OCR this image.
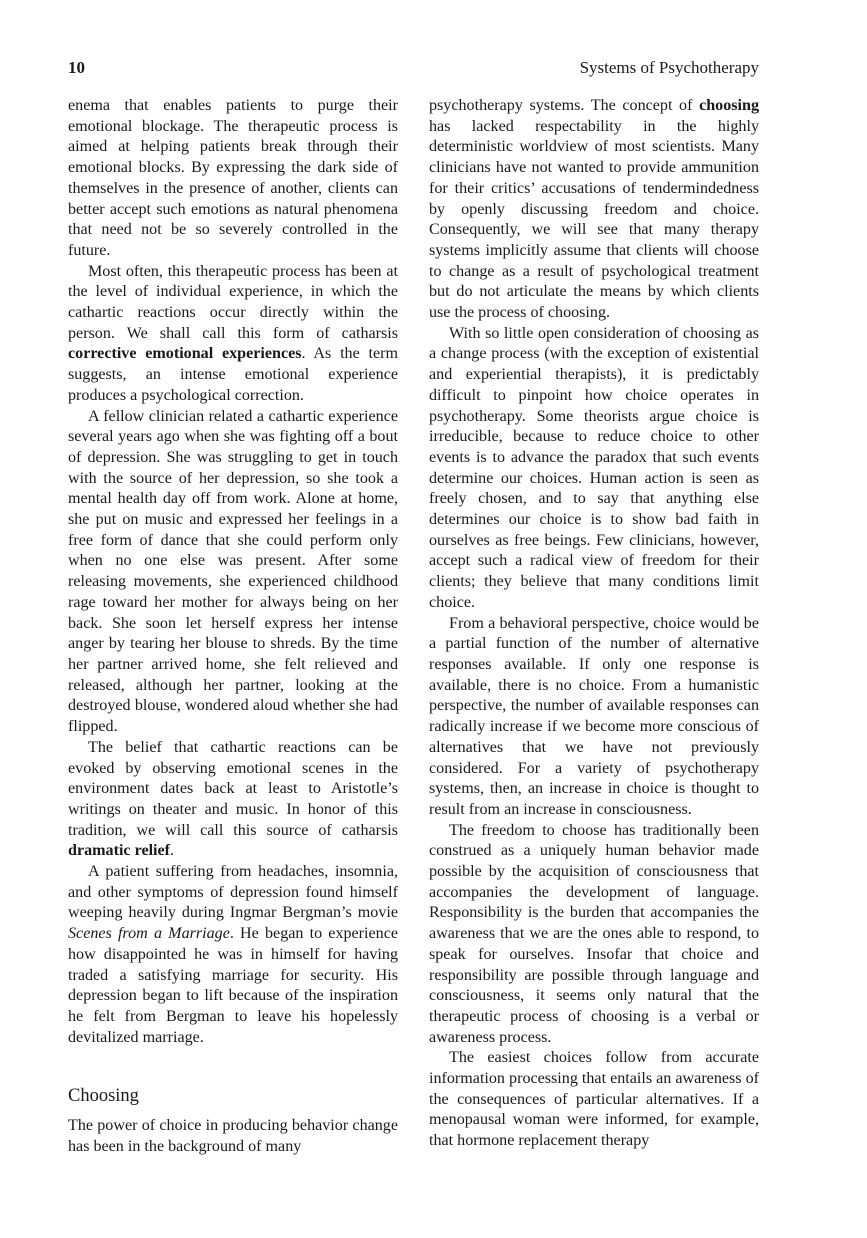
10	Systems of Psychotherapy

enema that enables patients to purge their emotional blockage. The therapeutic process is aimed at helping patients break through their emotional blocks. By expressing the dark side of themselves in the presence of another, clients can better accept such emotions as natural phenomena that need not be so severely controlled in the future.

Most often, this therapeutic process has been at the level of individual experience, in which the cathartic reactions occur directly within the person. We shall call this form of catharsis corrective emotional experiences. As the term suggests, an intense emotional experience produces a psychological correction.

A fellow clinician related a cathartic experience several years ago when she was fighting off a bout of depression. She was struggling to get in touch with the source of her depression, so she took a mental health day off from work. Alone at home, she put on music and expressed her feelings in a free form of dance that she could perform only when no one else was present. After some releasing movements, she experienced childhood rage toward her mother for always being on her back. She soon let herself express her intense anger by tearing her blouse to shreds. By the time her partner arrived home, she felt relieved and released, although her partner, looking at the destroyed blouse, wondered aloud whether she had flipped.

The belief that cathartic reactions can be evoked by observing emotional scenes in the environment dates back at least to Aristotle’s writings on theater and music. In honor of this tradition, we will call this source of catharsis dramatic relief.

A patient suffering from headaches, insomnia, and other symptoms of depression found himself weeping heavily during Ingmar Bergman’s movie Scenes from a Marriage. He began to experience how disappointed he was in himself for having traded a satisfying marriage for security. His depression began to lift because of the inspiration he felt from Bergman to leave his hopelessly devitalized marriage.

Choosing

The power of choice in producing behavior change has been in the background of many

psychotherapy systems. The concept of choosing has lacked respectability in the highly deterministic worldview of most scientists. Many clinicians have not wanted to provide ammunition for their critics’ accusations of tendermindedness by openly discussing freedom and choice. Consequently, we will see that many therapy systems implicitly assume that clients will choose to change as a result of psychological treatment but do not articulate the means by which clients use the process of choosing.

With so little open consideration of choosing as a change process (with the exception of existential and experiential therapists), it is predictably difficult to pinpoint how choice operates in psychotherapy. Some theorists argue choice is irreducible, because to reduce choice to other events is to advance the paradox that such events determine our choices. Human action is seen as freely chosen, and to say that anything else determines our choice is to show bad faith in ourselves as free beings. Few clinicians, however, accept such a radical view of freedom for their clients; they believe that many conditions limit choice.

From a behavioral perspective, choice would be a partial function of the number of alternative responses available. If only one response is available, there is no choice. From a humanistic perspective, the number of available responses can radically increase if we become more conscious of alternatives that we have not previously considered. For a variety of psychotherapy systems, then, an increase in choice is thought to result from an increase in consciousness.

The freedom to choose has traditionally been construed as a uniquely human behavior made possible by the acquisition of consciousness that accompanies the development of language. Responsibility is the burden that accompanies the awareness that we are the ones able to respond, to speak for ourselves. Insofar that choice and responsibility are possible through language and consciousness, it seems only natural that the therapeutic process of choosing is a verbal or awareness process.

The easiest choices follow from accurate information processing that entails an awareness of the consequences of particular alternatives. If a menopausal woman were informed, for example, that hormone replacement therapy
